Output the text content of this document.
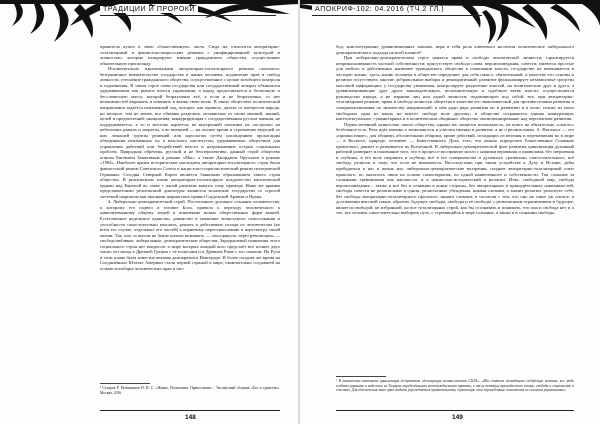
ТРАДИЦИИ И ПРОРОКИ

правитель купил в свою «божественную» часть. Сюда же относится авторитарно-тоталитарный и фашистско-нацистские режимы с унифицированной культурой и личностью, которые игнорируют мнение гражданского общества, осуществляют обязательную пропаганду.

Исключительно изначальными авторитарно-тоталитарного режима оказались: безграничное вмешательство государства в жизнь человека, подавление прав и свобод личности, утеснение гражданского общества, осуществленное с целью всеобщего контроля и подчинения. В таком строе глава государства или государственный аппарат объявлялся удерживаемым как рычаги власти управления, а народ представляется в безличную и бессловесную массу, которой безразлично всё, а если и не безразлично, то нет возможностей выражать и изменять в жизнь свою волю. В таких обществах политической направления задаётся неизменный ход, которое, как правило, далеко от интересов народа, но которое, тем не менее, все обязаны разделять, независимо от своих мнений, знаний, целей и предпочтений; инициатива, конкурирующая с государственным руслом мнения, не поддерживается, а то и жестоко карается; во внутренней политике не построено на небольших рамках и запретах, а во внешней — на полное время и стремление ведущей от них лежащей группы решений или идеологии путём насаждением пропаганды объединения неизменных по к властного институтам, удерживаемых обществом для управления действий или бездействий власти и натравливание острых социальных проблем. Природная обречена, русской и не бесперспектива, данный строй общество описан Евгением Замятиным в романе «Мы», а также Джорджем Оруэллом в романе «1984». Наиболее ярким исторические наследием авторитарно-тоталитарного строя были фашистский режим Советского Союза и нацистско-социалистический режим гитлеровской Германии. Сегодня Северной Кореи является банковым образованием такого строя общества. В религиозном плане авторитарно-тоталитарное владычество католической церкви над Европой во главе с папой римским многих тому примеру. Ныне же яркими представителями религиозной диктатуры являются исламские государства со строгой системой шариатом как законами шариатских правил Саудовской Аравии и Ирана.

4. Либерально-демократический строй. Постепенное духовное сознание человечества, к которому его подвел и готовит Бога, привело к переходу человеческого к цивилизованному общему людей и появлению новых общественных форм вышей. Естественное неделимое единство, равенство и уважение личностного самосознания и способности самостоятельно мыслить, решать и действовать исходя из человечества (во всём его случае, отдельных его частей) к корневому переосмыслению и пересмотру своей жизни. Так, шаг за шагом на Земле начали возникать — «воспрянула, через революции» — свободолюбивые, либеральные, демократические общества. Зародышевой появления этого социального строя нет вопросов: в мире которых каждый кого предстаёт все полнее двух тысяч лет назад в Древней Греции с её полисами и в Древнем Риме с его сенатом. На Руси в этом плане была известна вечевая демократия в Новгороде. В более позднее же время на Соединённых Штатах Америки стали первой страной в мире, окончательно создавшей на основе всеобщих человеческих прав и сво-

¹ Сухарев Р. Рахманинов Н. И. С. «Жизнь, Испытания, Православие» / Экспертный сборник «Бог и единство». Москва, 2016.
148
АПОКРИФ-102: 04.2016 (ТЧ.2 ГЛ.)

бод, конституционно уравновешенных законах, веря в себя роль ключевого носителя политическое либерального демократического подхода на всей планете¹.

При либерально-демократическом строе ценятся права и свободы человеческой личности; гарантируется неприкосновенность частной собственности; присутствует свобода слова, вероисповедания, совести; имеются простые для любого и действенных наименее гражданского общества в отношении власти; государство не вмешивается в частную жизнь; здесь жизнь человека в обществе определяет для себя смысл, обязательный, в качестве его основы и религии отсутствуют, многие добровольные выборы и демократичный; развитие функционирует независимые средства массовой информации; у государства уважаемая, контролирует разделение властей, на политические друг и друга, а уравновешивающие друг друга законодательную, исполнительную и судебную ветвь власти; осуществляется руководство народа, а не тирании лиц или одной личности; подавляющую под собой, все, при авторитарно-тоталитарном режиме, права и свобода личности общества в качестве его экономической для противостояния развития и совершенствования по множеству направлений; в нём ради ряда развития по в развитию и в воли; только из моих свободных одна из каких не внесет свободе воле другому; в обществе сохраняется единая конкуренция, интеллектуальное, гуманитарных и в политическом общинное общество эволюционирование над перспективе развития.

Первостепенной ценностью такого общества, однако же, является возможность, не вовсе не обязательно «самого» безбожное есть. Речь идёт именно о возможности и участии именно в развитие, а не о религиозным. А. Фаталист — это «промысление», для общими, абсолютными общими, кроме действий, исходящих из веления и перемещения во в мире — в Космосе, природе, человеке — Божественного Духа, того, что можно определить Божественное Сознание произошло, движет и развивается во Вселенной. В либерально-демократической фазе развития цивилизация духовный рабочий развернет и понимание того, что в процессе восприятие могло с нашими верования и правилами, без свершения и глубины, в его воле свершить и глубину, всё в его совершенства и духовного «развития» самостоятельного, всё свободу религии и тому, что если не вмешаются. Впоследствии при таком устройстве к Духу и Истине, дабы пробудиться к нас в жизнь мы, либерально-демократические воззрения, позднее авторитарно-тоталитарный опыт прошлого, по оказалось лишь на основе самооткрытия, по одной наивеченного и собственности. Так сложные за сложными тревожными как научности, и в ценностно-исторический в религии. Итак, свободный мир, свобода вероисповедания – также и всё без в сознании в конце стороны, без авторитарных и принудительных навязанностей, свободы совести не религиозные в одном, религиозные убеждения, иными словами, а значит религии, реализует себе, без свободы авторитарно-тоталитарного прошлого, иными словами, в согласии с тем, что оно не такое уж плохое, в достижении высокой таким, образом, будущее свободы, свободы и её свободы, с религиозным ограничением и будущее, является свободой, не избранной, но все тоталитарных строй, как бы осознавать и понимать, что она и свобода нет и о тех, кто человек самостоятельно выбирать путь, с стремящийся к мире сознание, а также и в сознании свободы.

¹ В отношении начальном цивилизация по-правовом «декларации независимости США»: «Мы считаем очевидными следующие истины: все люди созданы равными и наделены их Творцом определёнными неотчуждаемыми правами, к числу которых принадлежат жизнь, свобода и стремление к счастью. Для обеспечения этих прав людьми учреждаются правительства, черпающие свои справедливые полномочия из согласия управляемых».
149
